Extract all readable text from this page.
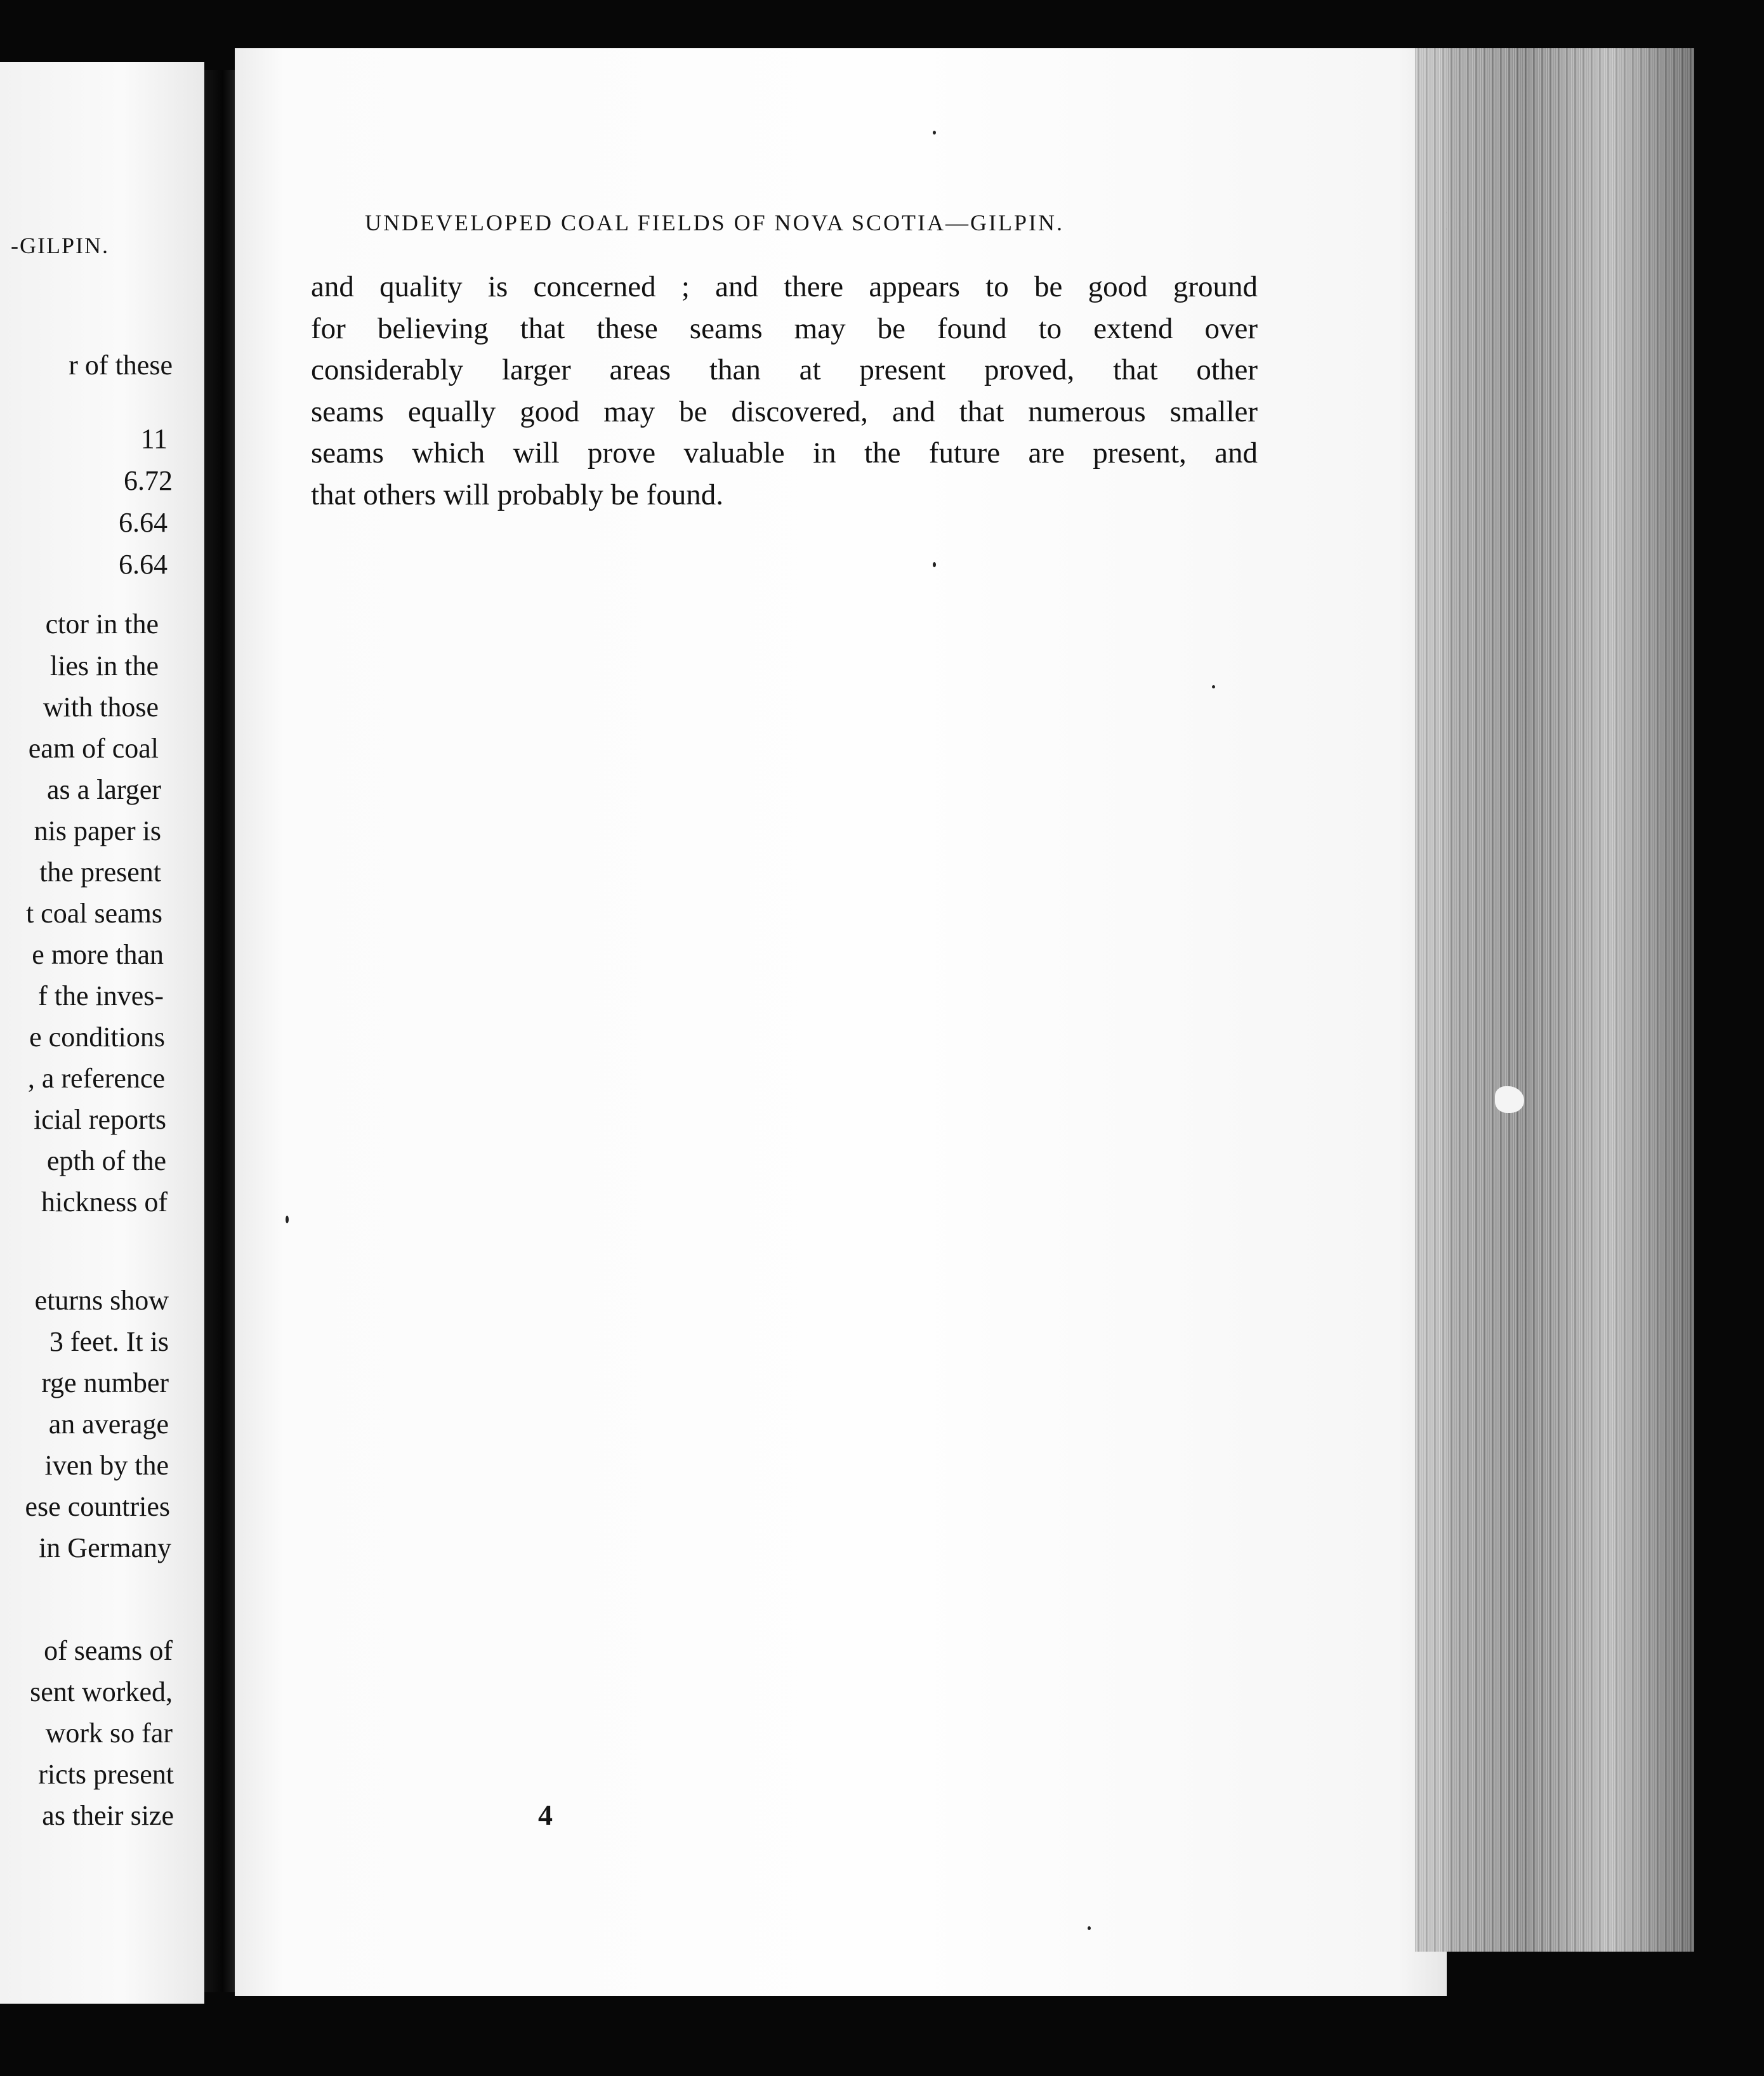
-GILPIN.
r of these
11
6.72
6.64
6.64
ctor in the
lies in the
with those
eam of coal
as a larger
nis paper is
the present
t coal seams
e more than
f the inves-
e conditions
, a reference
icial reports
epth of the
hickness of
eturns show
3 feet. It is
rge number
an average
iven by the
ese countries
in Germany
of seams of
sent worked,
work so far
ricts present
as their size
UNDEVELOPED COAL FIELDS OF NOVA SCOTIA—GILPIN.
and quality is concerned ; and there appears to be good ground
for believing that these seams may be found to extend over
considerably larger areas than at present proved, that other
seams equally good may be discovered, and that numerous smaller
seams which will prove valuable in the future are present, and
that others will probably be found.
4
